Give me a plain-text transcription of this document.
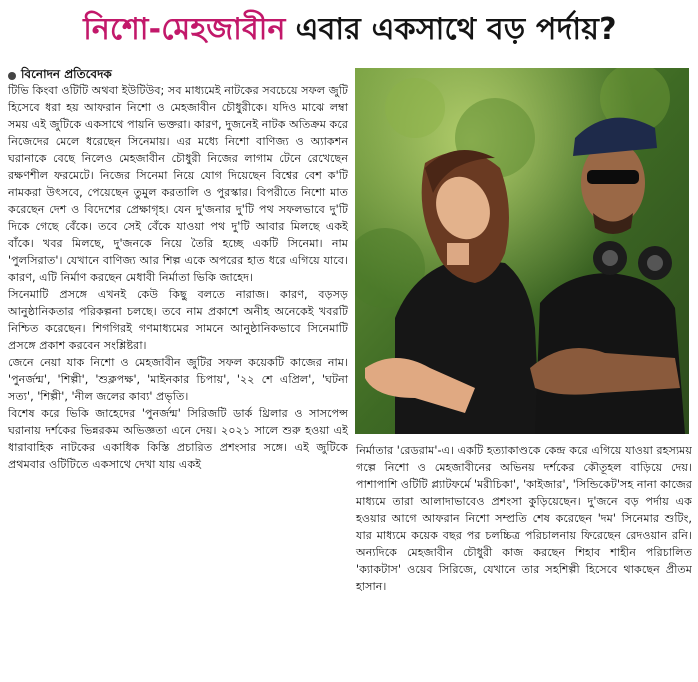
নিশো-মেহজাবীন এবার একসাথে বড় পর্দায়?
বিনোদন প্রতিবেদক

টিভি কিংবা ওটিটি অথবা ইউটিউব; সব মাধ্যমেই নাটকের সবচেয়ে সফল জুটি হিসেবে ধরা হয় আফরান নিশো ও মেহজাবীন চৌধুরীকে। যদিও মাঝে লম্বা সময় এই জুটিকে একসাথে পায়নি ভক্তরা। কারণ, দুজনেই নাটক অতিক্রম করে নিজেদের মেলে ধরেছেন সিনেমায়। এর মধ্যে নিশো বাণিজ্য ও অ্যাকশন ঘরানাকে বেছে নিলেও মেহজাবীন চৌধুরী নিজের লাগাম টেনে রেখেছেন রক্ষণশীল ফরমেটে। নিজের সিনেমা নিয়ে যোগ দিয়েছেন বিশ্বের বেশ ক'টি নামকরা উৎসবে, পেয়েছেন তুমুল করতালি ও পুরস্কার। বিপরীতে নিশো মাত করেছেন দেশ ও বিদেশের প্রেক্ষাগৃহ। যেন দু'জনার দু'টি পথ সফলভাবে দু'টি দিকে গেছে বেঁকে। তবে সেই বেঁকে যাওয়া পথ দু'টি আবার মিলছে একই বাঁকে। খবর মিলছে, দু'জনকে নিয়ে তৈরি হচ্ছে একটি সিনেমা। নাম 'পুলসিরাত'। যেখানে বাণিজ্য আর শিল্প একে অপরের হাত ধরে এগিয়ে যাবে। কারণ, এটি নির্মাণ করছেন মেধাবী নির্মাতা ভিকি জাহেদ।

সিনেমাটি প্রসঙ্গে এখনই কেউ কিছু বলতে নারাজ। কারণ, বড়সড় আনুষ্ঠানিকতার পরিকল্পনা চলছে। তবে নাম প্রকাশে অনীহ অনেকেই খবরটি নিশ্চিত করেছেন। শিগগিরই গণমাধ্যমের সামনে আনুষ্ঠানিকভাবে সিনেমাটি প্রসঙ্গে প্রকাশ করবেন সংশ্লিষ্টরা।

জেনে নেয়া যাক নিশো ও মেহজাবীন জুটির সফল কয়েকটি কাজের নাম। 'পুনর্জন্ম', 'শিল্পী', 'শুক্লপক্ষ', 'মাইনকার চিপায়', '২২ শে এপ্রিল', 'ঘটনা সত্য', 'শিল্পী', 'নীল জলের কাব্য' প্রভৃতি।

বিশেষ করে ভিকি জাহেদের 'পুনর্জন্ম' সিরিজটি ডার্ক থ্রিলার ও সাসপেন্স ঘরানায় দর্শকের ভিন্নরকম অভিজ্ঞতা এনে দেয়। ২০২১ সালে শুরু হওয়া এই ধারাবাহিক নাটকের একাধিক কিস্তি প্রচারিত প্রশংসার সঙ্গে। এই জুটিকে প্রথমবার ওটিটিতে একসাথে দেখা যায় একই

নির্মাতার 'রেডরাম'-এ। একটি হত্যাকাণ্ডকে কেন্দ্র করে এগিয়ে যাওয়া রহস্যময় গল্পে নিশো ও মেহজাবীনের অভিনয় দর্শকের কৌতূহল বাড়িয়ে দেয়। পাশাপাশি ওটিটি প্ল্যাটফর্মে 'মরীচিকা', 'কাইজার', 'সিন্ডিকেট'সহ নানা কাজের মাধ্যমে তারা আলাদাভাবেও প্রশংসা কুড়িয়েছেন। দু'জনে বড় পর্দায় এক হওয়ার আগে আফরান নিশো সম্প্রতি শেষ করেছেন 'দম' সিনেমার শুটিং, যার মাধ্যমে কয়েক বছর পর চলচ্চিত্র পরিচালনায় ফিরেছেন রেদওয়ান রনি। অন্যদিকে মেহজাবীন চৌধুরী কাজ করছেন শিহাব শাহীন পরিচালিত 'ক্যাকটাস' ওয়েব সিরিজে, যেখানে তার সহশিল্পী হিসেবে থাকছেন প্রীতম হাসান।
